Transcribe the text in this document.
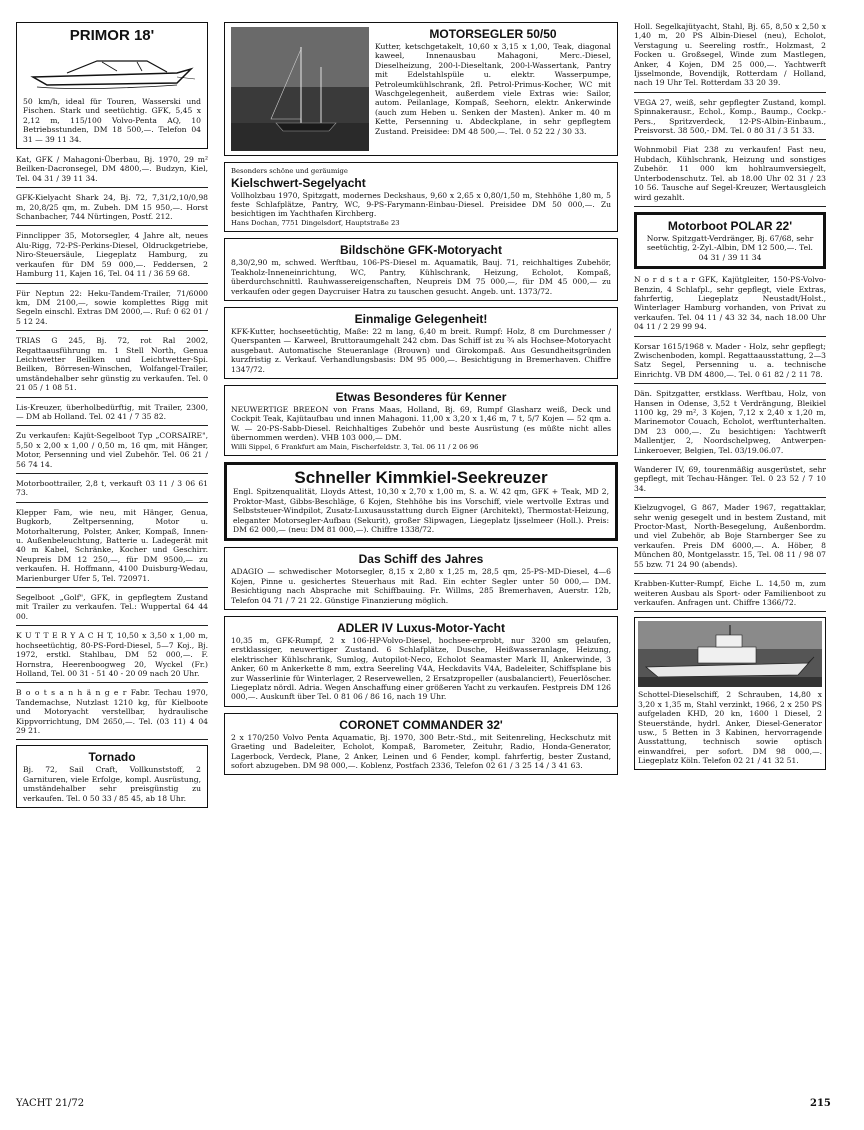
PRIMOR 18'
50 km/h, ideal für Touren, Wasserski und Fischen. Stark und seetüchtig. GFK, 5,45 x 2,12 m, 115/100 Volvo-Penta AQ, 10 Betriebsstunden, DM 18 500,—. Telefon 04 31 — 39 11 34.
Kat, GFK / Mahagoni-Überbau, Bj. 1970, 29 m² Beilken-Dacronsegel, DM 4800,—. Budzyn, Kiel, Tel. 04 31 / 39 11 34.
GFK-Kielyacht Shark 24, Bj. 72, 7,31/2,10/0,98 m, 20,8/25 qm, m. Zubeh. DM 15 950,—. Horst Schanbacher, 744 Nürtingen, Postf. 212.
Finnclipper 35, Motorsegler, 4 Jahre alt, neues Alu-Rigg, 72-PS-Perkins-Diesel, Oldruckgetriebe, Niro-Steuersäule, Liegeplatz Hamburg, zu verkaufen für DM 59 000,—. Feddersen, 2 Hamburg 11, Kajen 16, Tel. 04 11 / 36 59 68.
Für Neptun 22: Heku-Tandem-Trailer, 71/6000 km, DM 2100,—, sowie komplettes Rigg mit Segeln einschl. Extras DM 2000,—. Ruf: 0 62 01 / 5 12 24.
TRIAS G 245, Bj. 72, rot Ral 2002, Regattaausführung m. 1 Stell North, Genua Leichtwetter Beilken und Leichtwetter-Spi. Beilken, Börresen-Winschen, Wolfangel-Trailer, umständehalber sehr günstig zu verkaufen. Tel. 0 21 05 / 1 08 51.
Lis-Kreuzer, überholbedürftig, mit Trailer, 2300,— DM ab Holland. Tel. 02 41 / 7 35 82.
Zu verkaufen: Kajüt-Segelboot Typ „CORSAIRE", 5,50 x 2,00 x 1,00 / 0,50 m, 16 qm, mit Hänger, Motor, Persenning und viel Zubehör. Tel. 06 21 / 56 74 14.
Motorboottrailer, 2,8 t, verkauft 03 11 / 3 06 61 73.
Klepper Fam, wie neu, mit Hänger, Genua, Bugkorb, Zeltpersenning, Motor u. Motorhalterung, Polster, Anker, Kompaß, Innen- u. Außenbeleuchtung, Batterie u. Ladegerät mit 40 m Kabel, Schränke, Kocher und Geschirr. Neupreis DM 12 250,—, für DM 9500,— zu verkaufen. H. Hoffmann, 4100 Duisburg-Wedau, Marienburger Ufer 5, Tel. 720971.
Segelboot „Golf", GFK, in gepflegtem Zustand mit Trailer zu verkaufen. Tel.: Wuppertal 64 44 00.
K U T T E R Y A C H T, 10,50 x 3,50 x 1,00 m, hochseetüchtig, 80-PS-Ford-Diesel, 5—7 Koj., Bj. 1972, erstkl. Stahlbau, DM 52 000,—. F. Hornstra, Heerenboogweg 20, Wyckel (Fr.) Holland, Tel. 00 31 - 51 40 - 20 09 nach 20 Uhr.
B o o t s a n h ä n g e r Fabr. Techau 1970, Tandemachse, Nutzlast 1210 kg, für Kielboote und Motoryacht verstellbar, hydraulische Kippvorrichtung, DM 2650,—. Tel. (03 11) 4 04 29 21.
Tornado
Bj. 72, Sail Craft, Vollkunststoff, 2 Garnituren, viele Erfolge, kompl. Ausrüstung, umständehalber sehr preisgünstig zu verkaufen. Tel. 0 50 33 / 85 45, ab 18 Uhr.
MOTORSEGLER 50/50
Kutter, ketschgetakelt, 10,60 x 3,15 x 1,00, Teak, diagonal kaweel, Innenausbau Mahagoni, Merc.-Diesel, Dieselheizung, 200-l-Dieseltank, 200-l-Wassertank, Pantry mit Edelstahlspüle u. elektr. Wasserpumpe, Petroleumkühlschrank, 2fl. Petrol-Primus-Kocher, WC mit Waschgelegenheit, außerdem viele Extras wie: Sailor, autom. Peilanlage, Kompaß, Seehorn, elektr. Ankerwinde (auch zum Heben u. Senken der Masten). Anker m. 40 m Kette, Persenning u. Abdeckplane, in sehr gepflegtem Zustand. Preisidee: DM 48 500,—. Tel. 0 52 22 / 30 33.
Besonders schöne und geräumige
Kielschwert-Segelyacht
Vollholzbau 1970, Spitzgatt, modernes Deckshaus, 9,60 x 2,65 x 0,80/1,50 m, Stehhöhe 1,80 m, 5 feste Schlafplätze, Pantry, WC, 9-PS-Farymann-Einbau-Diesel. Preisidee DM 50 000,—. Zu besichtigen im Yachthafen Kirchberg.
Hans Dochan, 7751 Dingelsdorf, Hauptstraße 23
Bildschöne GFK-Motoryacht
8,30/2,90 m, schwed. Werftbau, 106-PS-Diesel m. Aquamatik, Bauj. 71, reichhaltiges Zubehör, Teakholz-Inneneinrichtung, WC, Pantry, Kühlschrank, Heizung, Echolot, Kompaß, überdurchschnittl. Rauhwassereigenschaften, Neupreis DM 75 000,—, für DM 45 000,— zu verkaufen oder gegen Daycruiser Hatra zu tauschen gesucht. Angeb. unt. 1373/72.
Einmalige Gelegenheit!
KFK-Kutter, hochseetüchtig, Maße: 22 m lang, 6,40 m breit. Rumpf: Holz, 8 cm Durchmesser / Querspanten — Karweel, Bruttoraumgehalt 242 cbm. Das Schiff ist zu ¾ als Hochsee-Motoryacht ausgebaut. Automatische Steueranlage (Brouwn) und Girokompaß. Aus Gesundheitsgründen kurzfristig z. Verkauf. Verhandlungsbasis: DM 95 000,—. Besichtigung in Bremerhaven. Chiffre 1347/72.
Etwas Besonderes für Kenner
NEUWERTIGE BREEON von Frans Maas, Holland, Bj. 69, Rumpf Glasharz weiß, Deck und Cockpit Teak, Kajütaufbau und innen Mahagoni. 11,00 x 3,20 x 1,46 m, 7 t, 5/7 Kojen — 52 qm a. W. — 20-PS-Sabb-Diesel. Reichhaltiges Zubehör und beste Ausrüstung (es müßte nicht alles übernommen werden). VHB 103 000,— DM.
Willi Sippel, 6 Frankfurt am Main, Fischerfeldstr. 3, Tel. 06 11 / 2 06 96
Schneller Kimmkiel-Seekreuzer
Engl. Spitzenqualität, Lloyds Attest, 10,30 x 2,70 x 1,00 m, S. a. W. 42 qm, GFK + Teak, MD 2, Proktor-Mast, Gibbs-Beschläge, 6 Kojen, Stehhöhe bis ins Vorschiff, viele wertvolle Extras und Selbststeuer-Windpilot, Zusatz-Luxusausstattung durch Eigner (Architekt), Thermostat-Heizung, eleganter Motorsegler-Aufbau (Sekurit), großer Slipwagen, Liegeplatz Ijsselmeer (Holl.). Preis: DM 62 000,— (neu: DM 81 000,—). Chiffre 1338/72.
Das Schiff des Jahres
ADAGIO — schwedischer Motorsegler, 8,15 x 2,80 x 1,25 m, 28,5 qm, 25-PS-MD-Diesel, 4—6 Kojen, Pinne u. gesichertes Steuerhaus mit Rad. Ein echter Segler unter 50 000,— DM. Besichtigung nach Absprache mit Schiffbauing. Fr. Willms, 285 Bremerhaven, Auerstr. 12b, Telefon 04 71 / 7 21 22. Günstige Finanzierung möglich.
ADLER IV Luxus-Motor-Yacht
10,35 m, GFK-Rumpf, 2 x 106-HP-Volvo-Diesel, hochsee-erprobt, nur 3200 sm gelaufen, erstklassiger, neuwertiger Zustand. 6 Schlafplätze, Dusche, Heißwasseranlage, Heizung, elektrischer Kühlschrank, Sumlog, Autopilot-Neco, Echolot Seamaster Mark II, Ankerwinde, 3 Anker, 60 m Ankerkette 8 mm, extra Seereling V4A, Heckdavits V4A, Badeleiter, Schiffsplane bis zur Wasserlinie für Winterlager, 2 Reservewellen, 2 Ersatzpropeller (ausbalanciert), Feuerlöscher. Liegeplatz nördl. Adria. Wegen Anschaffung einer größeren Yacht zu verkaufen. Festpreis DM 126 000,—. Auskunft über Tel. 0 81 06 / 86 16, nach 19 Uhr.
CORONET COMMANDER 32'
2 x 170/250 Volvo Penta Aquamatic, Bj. 1970, 300 Betr.-Std., mit Seitenreling, Heckschutz mit Graeting und Badeleiter, Echolot, Kompaß, Barometer, Zeituhr, Radio, Honda-Generator, Lagerbock, Verdeck, Plane, 2 Anker, Leinen und 6 Fender, kompl. fahrfertig, bester Zustand, sofort abzugeben. DM 98 000,—. Koblenz, Postfach 2336, Telefon 02 61 / 3 25 14 / 3 41 63.
Holl. Segelkajütyacht, Stahl, Bj. 65, 8,50 x 2,50 x 1,40 m, 20 PS Albin-Diesel (neu), Echolot, Verstagung u. Seereling rostfr., Holzmast, 2 Focken u. Großsegel, Winde zum Mastlegen, Anker, 4 Kojen, DM 25 000,—. Yachtwerft Ijsselmonde, Bovendijk, Rotterdam / Holland, nach 19 Uhr Tel. Rotterdam 33 20 39.
VEGA 27, weiß, sehr gepflegter Zustand, kompl. Spinnakerausr., Echol., Komp., Baump., Cockp.-Pers., Spritzverdeck, 12-PS-Albin-Einbaum., Preisvorst. 38 500,- DM. Tel. 0 80 31 / 3 51 33.
Wohnmobil Fiat 238 zu verkaufen! Fast neu, Hubdach, Kühlschrank, Heizung und sonstiges Zubehör. 11 000 km hohlraumversiegelt, Unterbodenschutz. Tel. ab 18.00 Uhr 02 31 / 23 10 56. Tausche auf Segel-Kreuzer, Wertausgleich wird gezahlt.
Motorboot POLAR 22'
Norw. Spitzgatt-Verdränger, Bj. 67/68, sehr seetüchtig, 2-Zyl.-Albin, DM 12 500,—. Tel. 04 31 / 39 11 34
N o r d s t a r GFK, Kajütgleiter, 150-PS-Volvo-Benzin, 4 Schlafpl., sehr gepflegt, viele Extras, fahrfertig, Liegeplatz Neustadt/Holst., Winterlager Hamburg vorhanden, von Privat zu verkaufen. Tel. 04 11 / 43 32 34, nach 18.00 Uhr 04 11 / 2 29 99 94.
Korsar 1615/1968 v. Mader - Holz, sehr gepflegt; Zwischenboden, kompl. Regattaausstattung, 2—3 Satz Segel, Persenning u. a. technische Einrichtg. VB DM 4800,—. Tel. 0 61 82 / 2 11 78.
Dän. Spitzgatter, erstklass. Werftbau, Holz, von Hansen in Odense, 3,52 t Verdrängung, Bleikiel 1100 kg, 29 m², 3 Kojen, 7,12 x 2,40 x 1,20 m, Marinemotor Couach, Echolot, werftunterhalten. DM 23 000,—. Zu besichtigen: Yachtwerft Mallentjer, 2, Noordschelpweg, Antwerpen-Linkeroever, Belgien, Tel. 03/19.06.07.
Wanderer IV, 69, tourenmäßig ausgerüstet, sehr gepflegt, mit Techau-Hänger. Tel. 0 23 52 / 7 10 34.
Kielzugvogel, G 867, Mader 1967, regattaklar, sehr wenig gesegelt und in bestem Zustand, mit Proctor-Mast, North-Besegelung, Außenbordm. und viel Zubehör, ab Boje Starnberger See zu verkaufen. Preis DM 6000,—. A. Höber, 8 München 80, Montgelasstr. 15, Tel. 08 11 / 98 07 55 bzw. 71 24 90 (abends).
Krabben-Kutter-Rumpf, Eiche L. 14,50 m, zum weiteren Ausbau als Sport- oder Familienboot zu verkaufen. Anfragen unt. Chiffre 1366/72.
Schottel-Dieselschiff, 2 Schrauben, 14,80 x 3,20 x 1,35 m, Stahl verzinkt, 1966, 2 x 250 PS aufgeladen KHD, 20 kn, 1600 l Diesel, 2 Steuerstände, hydrl. Anker, Diesel-Generator usw., 5 Betten in 3 Kabinen, hervorragende Ausstattung, technisch sowie optisch einwandfrei, per sofort. DM 98 000,—. Liegeplatz Köln. Telefon 02 21 / 41 32 51.
YACHT 21/72	215
